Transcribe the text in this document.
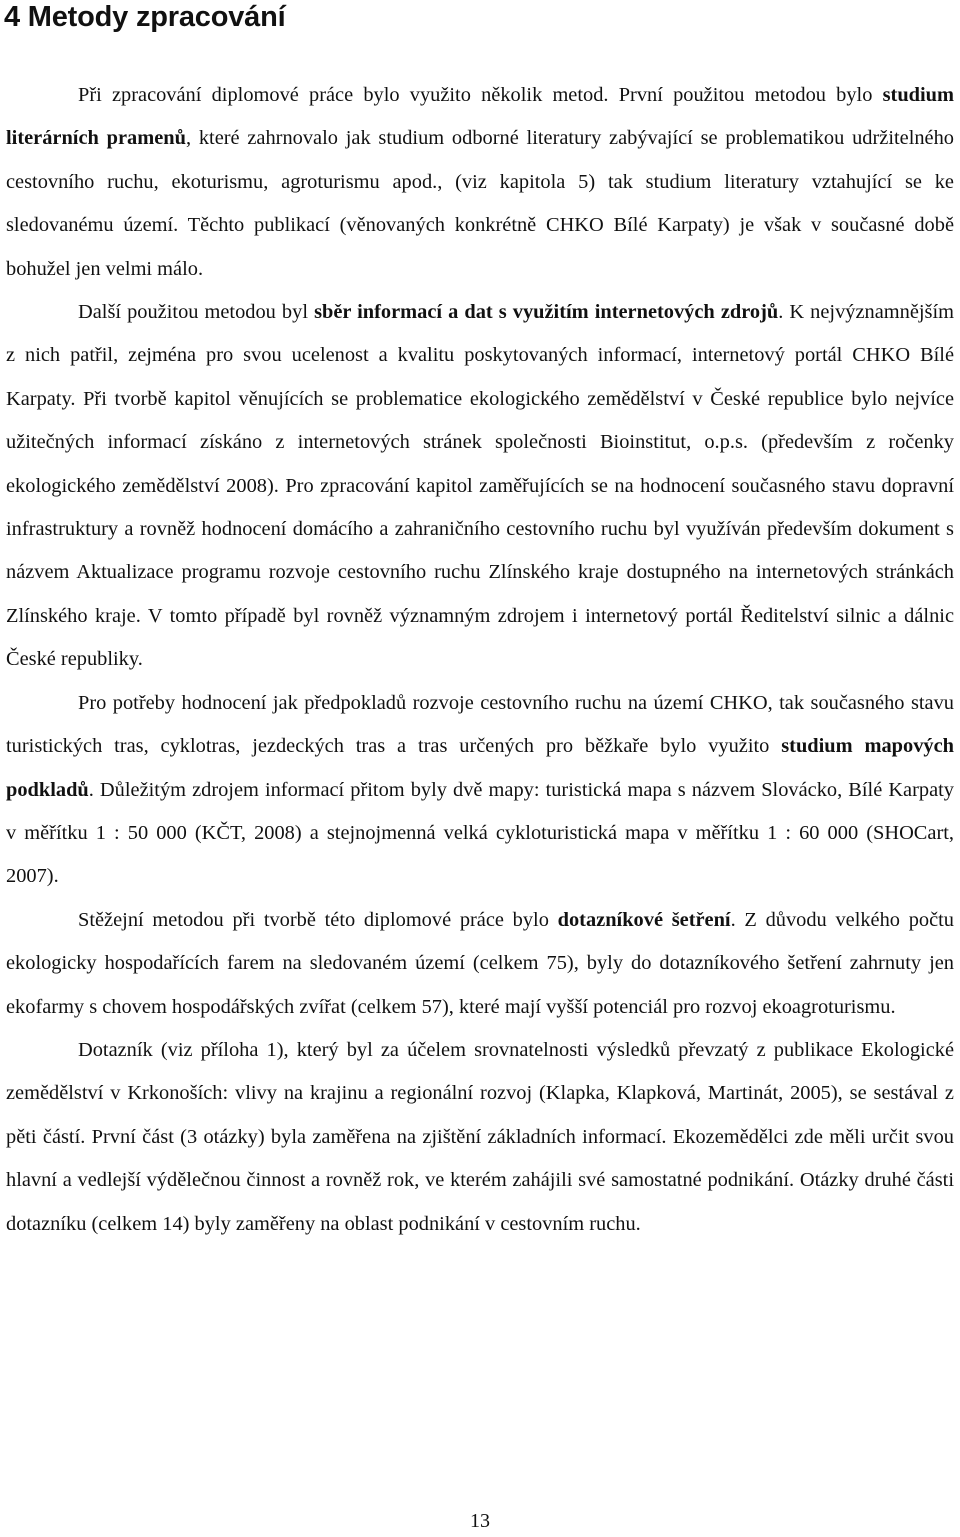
4 Metody zpracování

Při zpracování diplomové práce bylo využito několik metod. První použitou metodou bylo studium literárních pramenů, které zahrnovalo jak studium odborné literatury zabývající se problematikou udržitelného cestovního ruchu, ekoturismu, agroturismu apod., (viz kapitola 5) tak studium literatury vztahující se ke sledovanému území. Těchto publikací (věnovaných konkrétně CHKO Bílé Karpaty) je však v současné době bohužel jen velmi málo.

Další použitou metodou byl sběr informací a dat s využitím internetových zdrojů. K nejvýznamnějším z nich patřil, zejména pro svou ucelenost a kvalitu poskytovaných informací, internetový portál CHKO Bílé Karpaty. Při tvorbě kapitol věnujících se problematice ekologického zemědělství v České republice bylo nejvíce užitečných informací získáno z internetových stránek společnosti Bioinstitut, o.p.s. (především z ročenky ekologického zemědělství 2008). Pro zpracování kapitol zaměřujících se na hodnocení současného stavu dopravní infrastruktury a rovněž hodnocení domácího a zahraničního cestovního ruchu byl využíván především dokument s názvem Aktualizace programu rozvoje cestovního ruchu Zlínského kraje dostupného na internetových stránkách Zlínského kraje. V tomto případě byl rovněž významným zdrojem i internetový portál Ředitelství silnic a dálnic České republiky.

Pro potřeby hodnocení jak předpokladů rozvoje cestovního ruchu na území CHKO, tak současného stavu turistických tras, cyklotras, jezdeckých tras a tras určených pro běžkaře bylo využito studium mapových podkladů. Důležitým zdrojem informací přitom byly dvě mapy: turistická mapa s názvem Slovácko, Bílé Karpaty v měřítku 1 : 50 000 (KČT, 2008) a stejnojmenná velká cykloturistická mapa v měřítku 1 : 60 000 (SHOCart, 2007).

Stěžejní metodou při tvorbě této diplomové práce bylo dotazníkové šetření. Z důvodu velkého počtu ekologicky hospodařících farem na sledovaném území (celkem 75), byly do dotazníkového šetření zahrnuty jen ekofarmy s chovem hospodářských zvířat (celkem 57), které mají vyšší potenciál pro rozvoj ekoagroturismu.

Dotazník (viz příloha 1), který byl za účelem srovnatelnosti výsledků převzatý z publikace Ekologické zemědělství v Krkonoších: vlivy na krajinu a regionální rozvoj (Klapka, Klapková, Martinát, 2005), se sestával z pěti částí. První část (3 otázky) byla zaměřena na zjištění základních informací. Ekozemědělci zde měli určit svou hlavní a vedlejší výdělečnou činnost a rovněž rok, ve kterém zahájili své samostatné podnikání. Otázky druhé části dotazníku (celkem 14) byly zaměřeny na oblast podnikání v cestovním ruchu.

13
